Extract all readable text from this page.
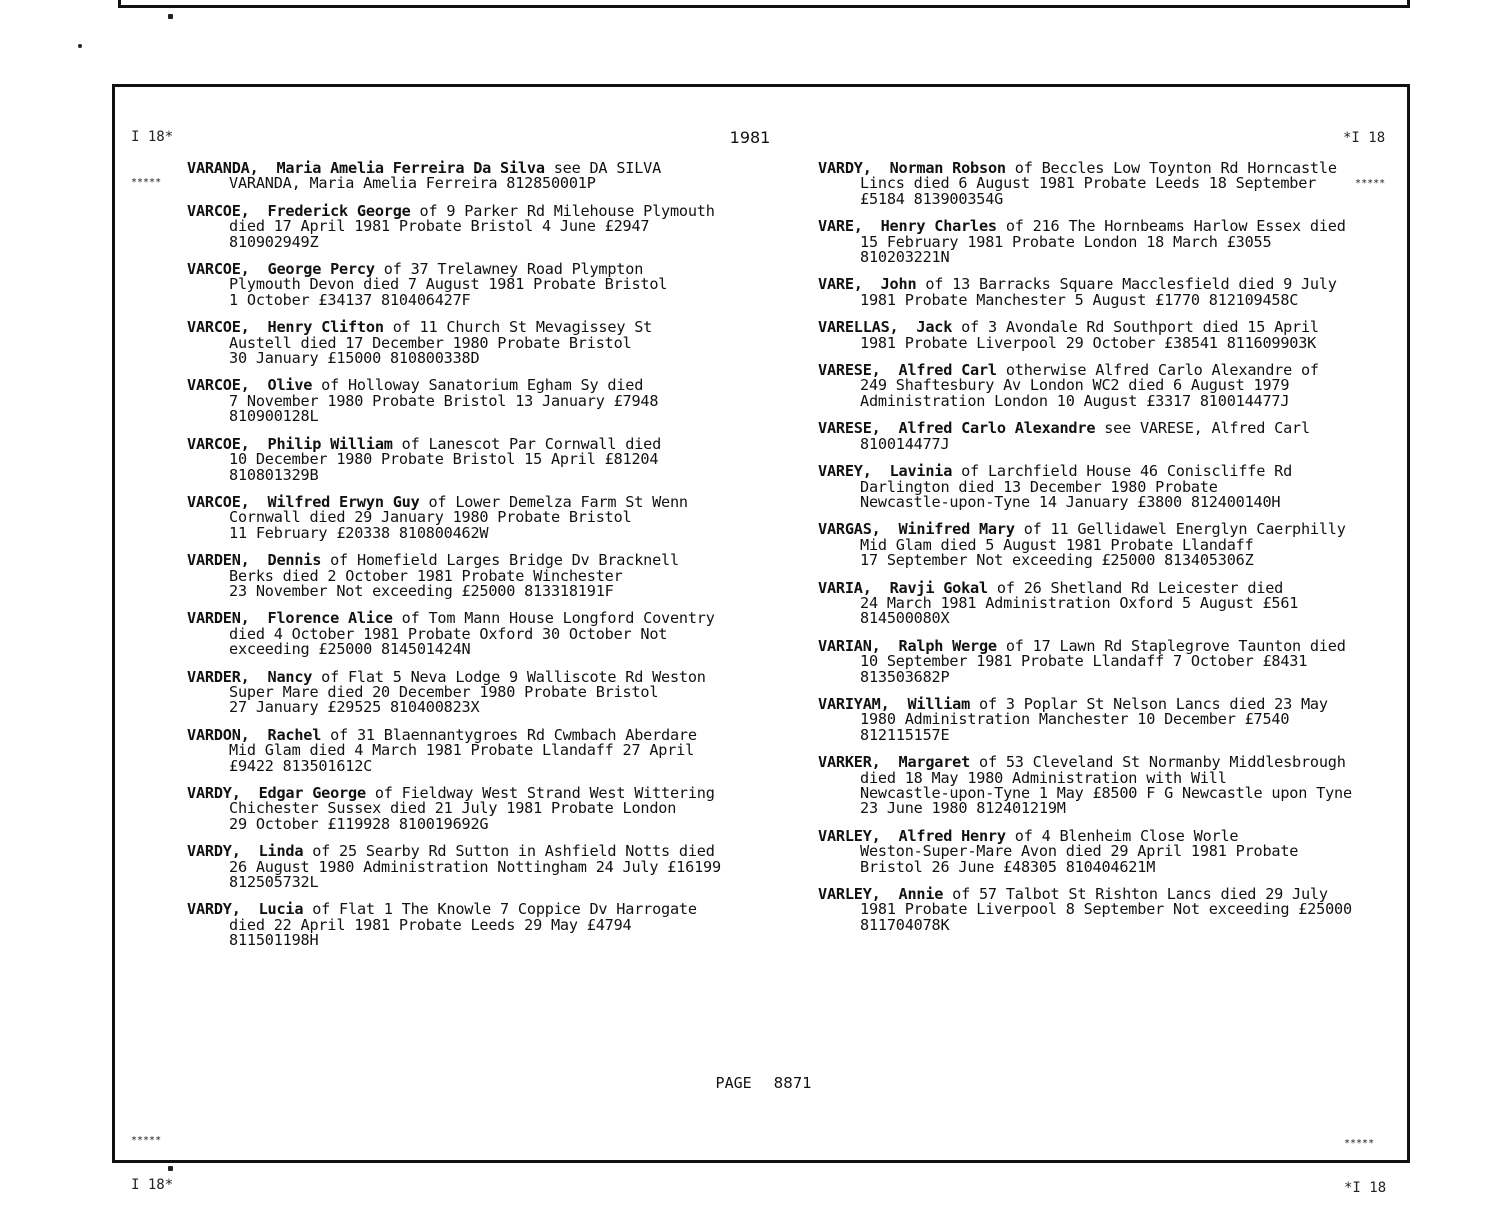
I 18*

*****

*I 18

*****

1981
VARANDA, Maria Amelia Ferreira Da Silva see DA SILVA
VARANDA, Maria Amelia Ferreira 812850001P
VARCOE, Frederick George of 9 Parker Rd Milehouse Plymouth
died 17 April 1981 Probate Bristol 4 June £2947
810902949Z
VARCOE, George Percy of 37 Trelawney Road Plympton
Plymouth Devon died 7 August 1981 Probate Bristol
1 October £34137 810406427F
VARCOE, Henry Clifton of 11 Church St Mevagissey St
Austell died 17 December 1980 Probate Bristol
30 January £15000 810800338D
VARCOE, Olive of Holloway Sanatorium Egham Sy died
7 November 1980 Probate Bristol 13 January £7948
810900128L
VARCOE, Philip William of Lanescot Par Cornwall died
10 December 1980 Probate Bristol 15 April £81204
810801329B
VARCOE, Wilfred Erwyn Guy of Lower Demelza Farm St Wenn
Cornwall died 29 January 1980 Probate Bristol
11 February £20338 810800462W
VARDEN, Dennis of Homefield Larges Bridge Dv Bracknell
Berks died 2 October 1981 Probate Winchester
23 November Not exceeding £25000 813318191F
VARDEN, Florence Alice of Tom Mann House Longford Coventry
died 4 October 1981 Probate Oxford 30 October Not
exceeding £25000 814501424N
VARDER, Nancy of Flat 5 Neva Lodge 9 Walliscote Rd Weston
Super Mare died 20 December 1980 Probate Bristol
27 January £29525 810400823X
VARDON, Rachel of 31 Blaennantygroes Rd Cwmbach Aberdare
Mid Glam died 4 March 1981 Probate Llandaff 27 April
£9422 813501612C
VARDY, Edgar George of Fieldway West Strand West Wittering
Chichester Sussex died 21 July 1981 Probate London
29 October £119928 810019692G
VARDY, Linda of 25 Searby Rd Sutton in Ashfield Notts died
26 August 1980 Administration Nottingham 24 July £16199
812505732L
VARDY, Lucia of Flat 1 The Knowle 7 Coppice Dv Harrogate
died 22 April 1981 Probate Leeds 29 May £4794
811501198H
VARDY, Norman Robson of Beccles Low Toynton Rd Horncastle
Lincs died 6 August 1981 Probate Leeds 18 September
£5184 813900354G
VARE, Henry Charles of 216 The Hornbeams Harlow Essex died
15 February 1981 Probate London 18 March £3055
810203221N
VARE, John of 13 Barracks Square Macclesfield died 9 July
1981 Probate Manchester 5 August £1770 812109458C
VARELLAS, Jack of 3 Avondale Rd Southport died 15 April
1981 Probate Liverpool 29 October £38541 811609903K
VARESE, Alfred Carl otherwise Alfred Carlo Alexandre of
249 Shaftesbury Av London WC2 died 6 August 1979
Administration London 10 August £3317 810014477J
VARESE, Alfred Carlo Alexandre see VARESE, Alfred Carl
810014477J
VAREY, Lavinia of Larchfield House 46 Coniscliffe Rd
Darlington died 13 December 1980 Probate
Newcastle-upon-Tyne 14 January £3800 812400140H
VARGAS, Winifred Mary of 11 Gellidawel Energlyn Caerphilly
Mid Glam died 5 August 1981 Probate Llandaff
17 September Not exceeding £25000 813405306Z
VARIA, Ravji Gokal of 26 Shetland Rd Leicester died
24 March 1981 Administration Oxford 5 August £561
814500080X
VARIAN, Ralph Werge of 17 Lawn Rd Staplegrove Taunton died
10 September 1981 Probate Llandaff 7 October £8431
813503682P
VARIYAM, William of 3 Poplar St Nelson Lancs died 23 May
1980 Administration Manchester 10 December £7540
812115157E
VARKER, Margaret of 53 Cleveland St Normanby Middlesbrough
died 18 May 1980 Administration with Will
Newcastle-upon-Tyne 1 May £8500 F G Newcastle upon Tyne
23 June 1980 812401219M
VARLEY, Alfred Henry of 4 Blenheim Close Worle
Weston-Super-Mare Avon died 29 April 1981 Probate
Bristol 26 June £48305 810404621M
VARLEY, Annie of 57 Talbot St Rishton Lancs died 29 July
1981 Probate Liverpool 8 September Not exceeding £25000
811704078K

PAGE 8871

*****

I 18*

*****

*I 18
